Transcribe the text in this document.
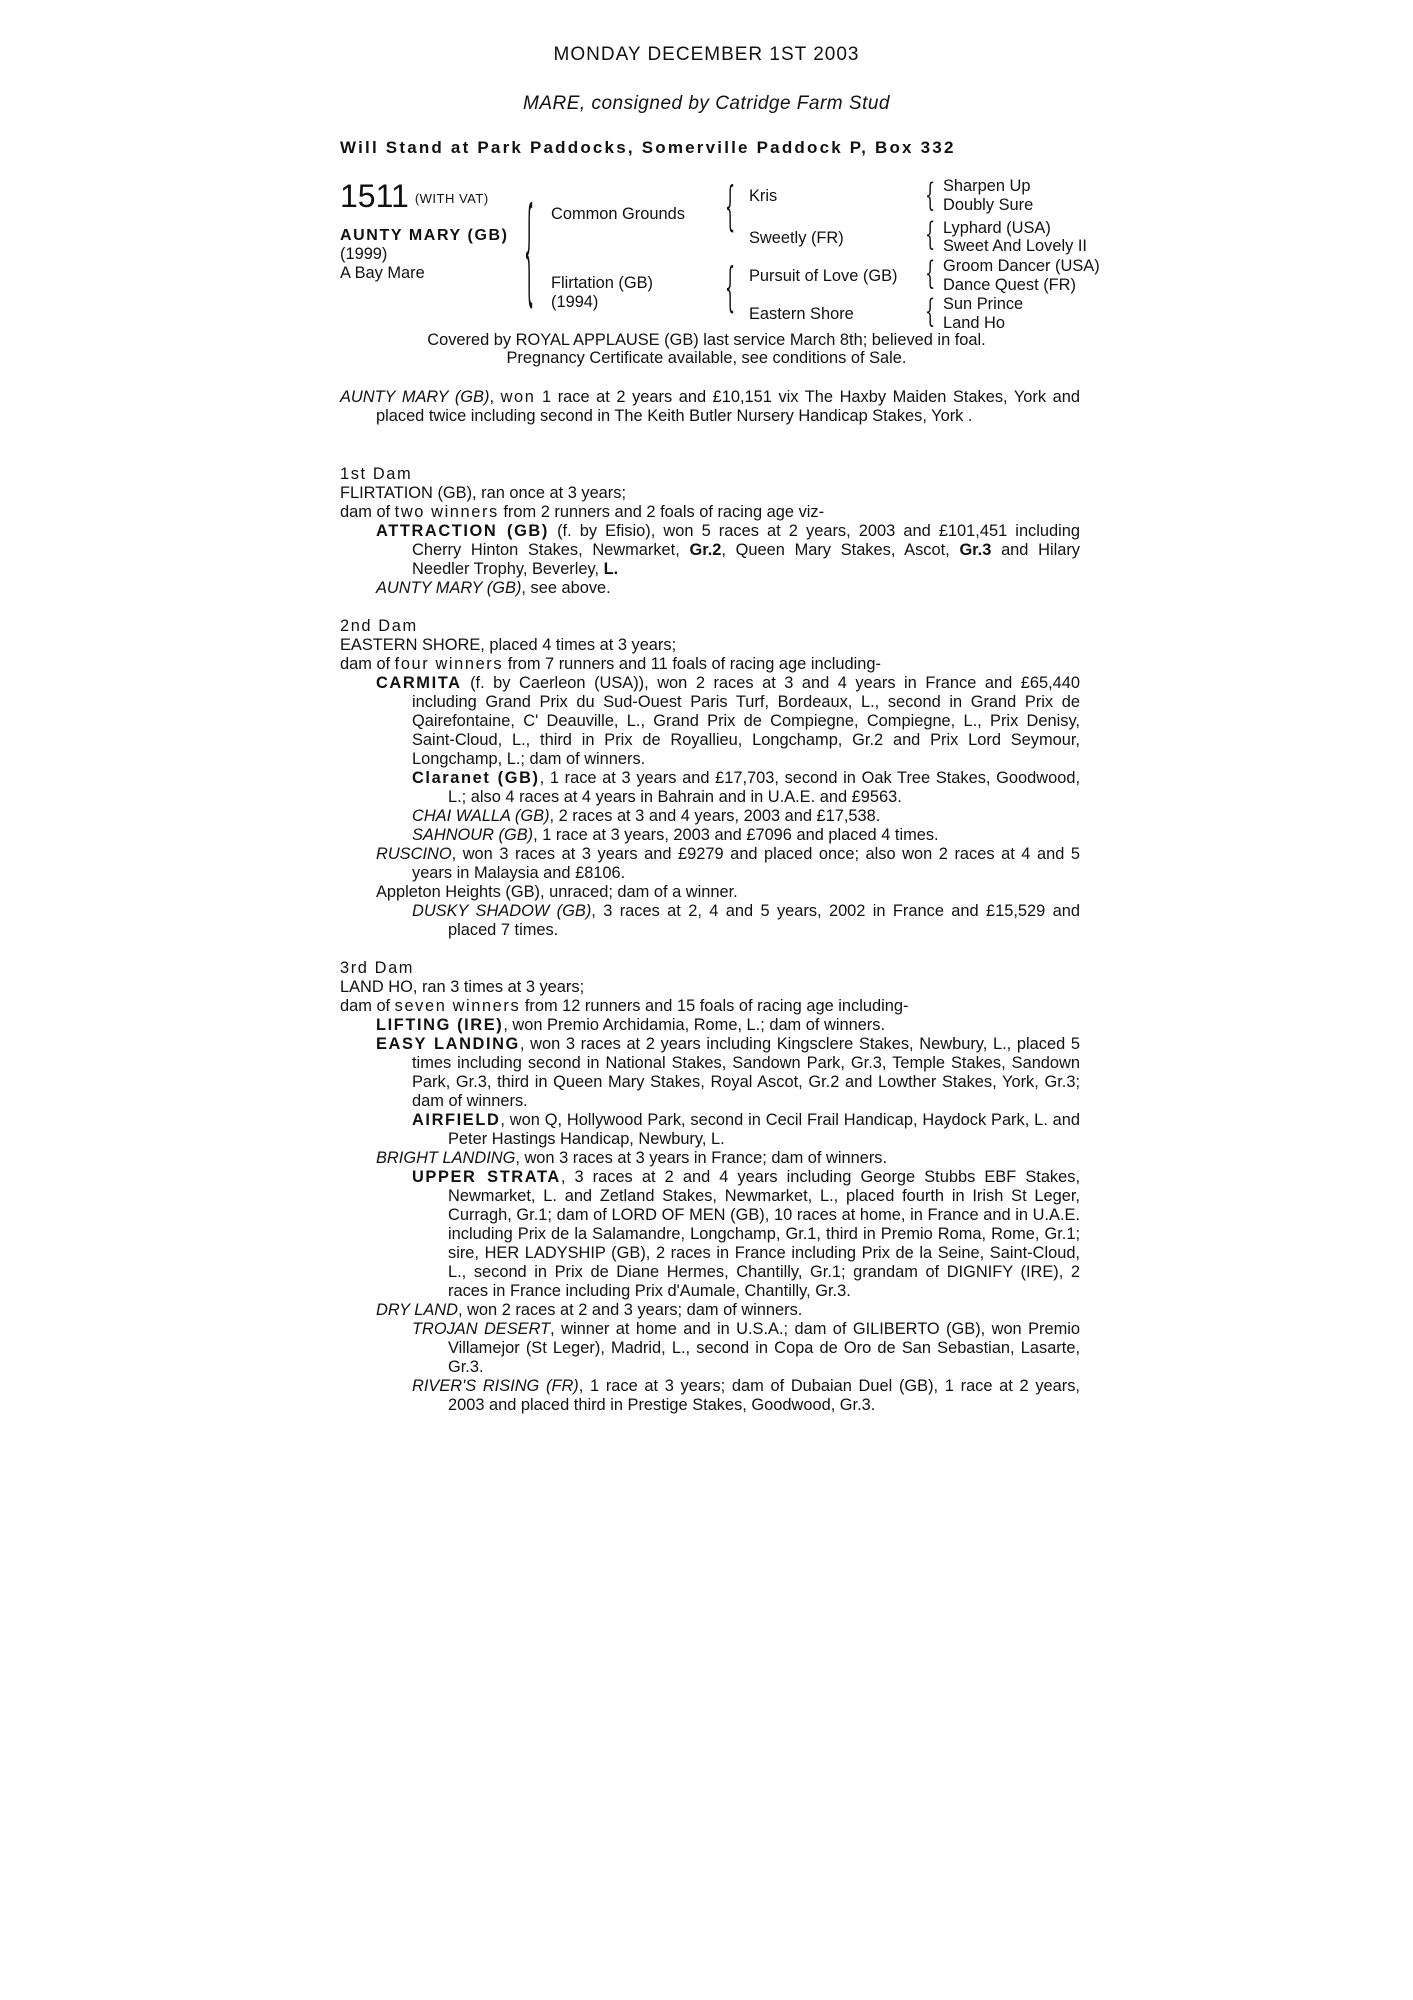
MONDAY DECEMBER 1ST 2003
MARE, consigned by Catridge Farm Stud
Will Stand at Park Paddocks, Somerville Paddock P, Box 332
1511 (WITH VAT)
AUNTY MARY (GB)
(1999)
A Bay Mare	{ Common Grounds
Flirtation (GB)
(1994)
{
{
Kris
Sweetly (FR)
Pursuit of Love (GB)
Eastern Shore
{
{
{
{
Sharpen Up
Doubly Sure
Lyphard (USA)
Sweet And Lovely II
Groom Dancer (USA)
Dance Quest (FR)
Sun Prince
Land Ho
Covered by ROYAL APPLAUSE (GB) last service March 8th; believed in foal.
Pregnancy Certificate available, see conditions of Sale.

AUNTY MARY (GB), won 1 race at 2 years and £10,151 vix The Haxby Maiden Stakes, York and placed twice including second in The Keith Butler Nursery Handicap Stakes, York .

1st Dam

FLIRTATION (GB), ran once at 3 years;

dam of two winners from 2 runners and 2 foals of racing age viz-

ATTRACTION (GB) (f. by Efisio), won 5 races at 2 years, 2003 and £101,451 including Cherry Hinton Stakes, Newmarket, Gr.2, Queen Mary Stakes, Ascot, Gr.3 and Hilary Needler Trophy, Beverley, L.

AUNTY MARY (GB), see above.

2nd Dam

EASTERN SHORE, placed 4 times at 3 years;

dam of four winners from 7 runners and 11 foals of racing age including-

CARMITA (f. by Caerleon (USA)), won 2 races at 3 and 4 years in France and £65,440 including Grand Prix du Sud-Ouest Paris Turf, Bordeaux, L., second in Grand Prix de Qairefontaine, C' Deauville, L., Grand Prix de Compiegne, Compiegne, L., Prix Denisy, Saint-Cloud, L., third in Prix de Royallieu, Longchamp, Gr.2 and Prix Lord Seymour, Longchamp, L.; dam of winners.

Claranet (GB), 1 race at 3 years and £17,703, second in Oak Tree Stakes, Goodwood, L.; also 4 races at 4 years in Bahrain and in U.A.E. and £9563.

CHAI WALLA (GB), 2 races at 3 and 4 years, 2003 and £17,538.

SAHNOUR (GB), 1 race at 3 years, 2003 and £7096 and placed 4 times.

RUSCINO, won 3 races at 3 years and £9279 and placed once; also won 2 races at 4 and 5 years in Malaysia and £8106.

Appleton Heights (GB), unraced; dam of a winner.

DUSKY SHADOW (GB), 3 races at 2, 4 and 5 years, 2002 in France and £15,529 and placed 7 times.

3rd Dam

LAND HO, ran 3 times at 3 years;

dam of seven winners from 12 runners and 15 foals of racing age including-

LIFTING (IRE), won Premio Archidamia, Rome, L.; dam of winners.

EASY LANDING, won 3 races at 2 years including Kingsclere Stakes, Newbury, L., placed 5 times including second in National Stakes, Sandown Park, Gr.3, Temple Stakes, Sandown Park, Gr.3, third in Queen Mary Stakes, Royal Ascot, Gr.2 and Lowther Stakes, York, Gr.3; dam of winners.

AIRFIELD, won Q, Hollywood Park, second in Cecil Frail Handicap, Haydock Park, L. and Peter Hastings Handicap, Newbury, L.

BRIGHT LANDING, won 3 races at 3 years in France; dam of winners.

UPPER STRATA, 3 races at 2 and 4 years including George Stubbs EBF Stakes, Newmarket, L. and Zetland Stakes, Newmarket, L., placed fourth in Irish St Leger, Curragh, Gr.1; dam of LORD OF MEN (GB), 10 races at home, in France and in U.A.E. including Prix de la Salamandre, Longchamp, Gr.1, third in Premio Roma, Rome, Gr.1; sire, HER LADYSHIP (GB), 2 races in France including Prix de la Seine, Saint-Cloud, L., second in Prix de Diane Hermes, Chantilly, Gr.1; grandam of DIGNIFY (IRE), 2 races in France including Prix d'Aumale, Chantilly, Gr.3.

DRY LAND, won 2 races at 2 and 3 years; dam of winners.

TROJAN DESERT, winner at home and in U.S.A.; dam of GILIBERTO (GB), won Premio Villamejor (St Leger), Madrid, L., second in Copa de Oro de San Sebastian, Lasarte, Gr.3.

RIVER'S RISING (FR), 1 race at 3 years; dam of Dubaian Duel (GB), 1 race at 2 years, 2003 and placed third in Prestige Stakes, Goodwood, Gr.3.
